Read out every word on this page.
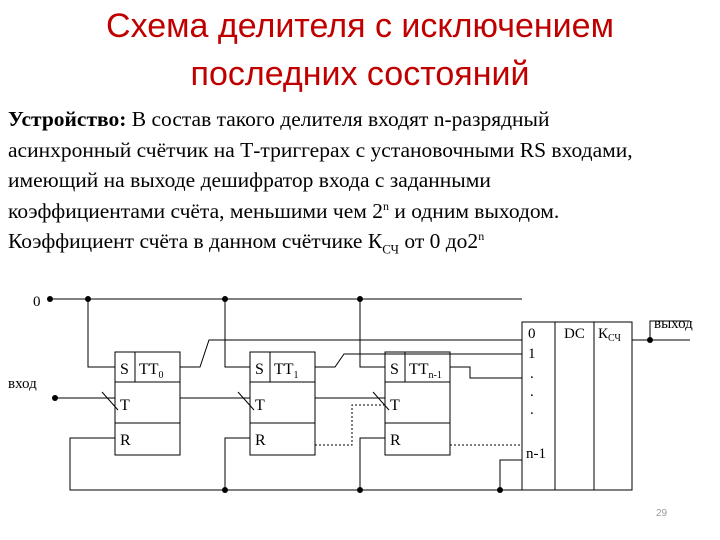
Схема делителя с исключением
последних состояний
Устройство: В состав такого делителя входят n-разрядный
асинхронный счётчик на Т-триггерах с установочными RS входами,
имеющий на выходе дешифратор входа с заданными
коэффициентами счёта, меньшими чем 2$^n$ и одним выходом.
Коэффициент счёта в данном счётчике $К_{СЧ}$ от 0 до2$^n$
0
вход
выход
S $TT_0$
T
R
S $TT_1$
T
R
S $TT_{n-1}$
T
R
0
1
.
.
.
n-1
DC $К_{СЧ}$
29
